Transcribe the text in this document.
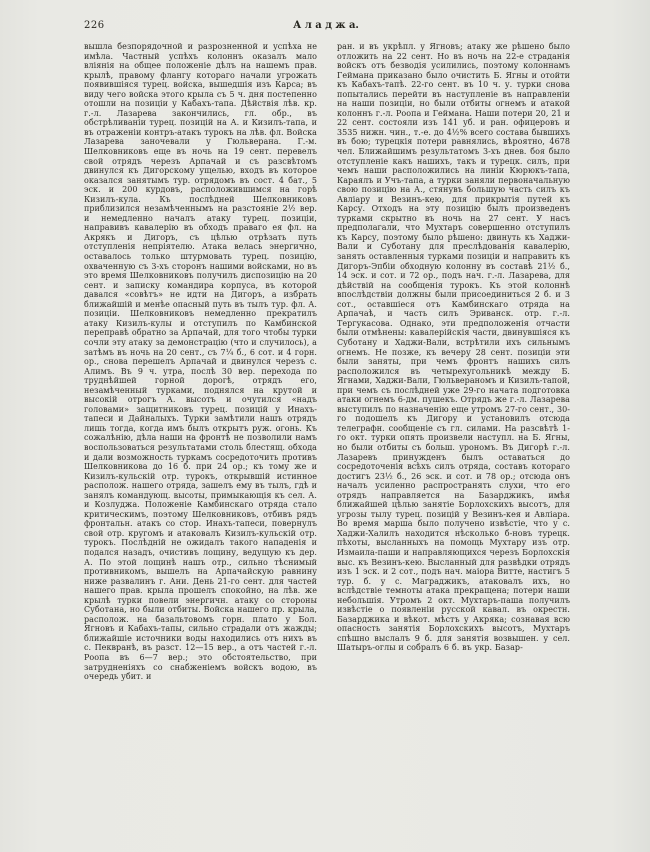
226	А л а д ж а.
вышла безпорядочной и разрозненной и успѣха не имѣла. Частный успѣхъ колоннъ оказалъ мало вліянія на общее положеніе дѣлъ на нашемъ прав. крылѣ, правому флангу котораго начали угрожать появившіяся турец. войска, вышедшія изъ Карса; въ виду чего войска этого крыла съ 5 ч. дня постепенно отошли на позиціи у Кабахъ-тапа. Дѣйствія лѣв. кр. г.-л. Лазарева закончились, гл. обр., въ обстрѣливаніи турец. позицій на А. и Кизилъ-тапа, и въ отраженіи контръ-атакъ турокъ на лѣв. фл. Войска Лазарева заночевали у Гюльверана. Г.-м. Шелковниковъ еще въ ночь на 19 сент. перевелъ свой отрядъ черезъ Арпачай и съ разсвѣтомъ двинулся къ Дигорскому ущелью, входъ въ которое оказался занятымъ тур. отрядомъ въ сост. 4 бат., 5 эск. и 200 курдовъ, расположившимся на горѣ Кизилъ-кула. Къ послѣдней Шелковниковъ приблизился незамѣченнымъ на разстояніе 2½ вер. и немедленно началъ атаку турец. позиціи, направивъ кавалерію въ обходъ праваго ея фл. на Акрякъ и Дигоръ, съ цѣлью отрѣзать путь отступленія непріятелю. Атака велась энергично, оставалось только штурмовать турец. позицію, охваченную съ 3-хъ сторонъ нашими войсками, но въ это время Шелковниковъ получилъ диспозицію на 20 сент. и записку командира корпуса, въ которой давался «совѣтъ» не идти на Дигоръ, а избрать ближайшій и менѣе опасный путь въ тылъ тур. фл. А. позиціи. Шелковниковъ немедленно прекратилъ атаку Кизилъ-кулы и отступилъ по Камбинской переправѣ обратно за Арпачай, для того чтобы турки сочли эту атаку за демонстрацію (что и случилось), а затѣмъ въ ночь на 20 сент., съ 7¼ б., 6 сот. и 4 горн. ор., снова перешелъ Арпачай и двинулся черезъ с. Алимъ. Въ 9 ч. утра, послѣ 30 вер. перехода по труднѣйшей горной дорогѣ, отрядъ его, незамѣченный турками, поднялся на крутой и высокій отрогъ А. высотъ и очутился «надъ головами» защитниковъ турец. позицій у Инахъ-тапеси и Дайналыхъ. Турки замѣтили нашъ отрядъ лишь тогда, когда имъ былъ открытъ руж. огонь. Къ сожалѣнію, дѣла наши на фронтѣ не позволили намъ воспользоваться результатами столь блестящ. обхода и дали возможность туркамъ сосредоточить противъ Шелковникова до 16 б. при 24 ор.; къ тому же и Кизилъ-кульскій отр. турокъ, открывшій истинное располож. нашего отряда, зашелъ ему въ тылъ, гдѣ и занялъ командующ. высоты, примыкающія къ сел. А. и Козлуджа. Положеніе Камбинскаго отряда стало критическимъ, поэтому Шелковниковъ, отбивъ рядъ фронтальн. атакъ со стор. Инахъ-тапеси, повернулъ свой отр. кругомъ и атаковалъ Кизилъ-кульскій отр. турокъ. Послѣдній не ожидалъ такого нападенія и подался назадъ, очистивъ лощину, ведущую къ дер. А. По этой лощинѣ нашъ отр., сильно тѣснимый противникомъ, вышелъ на Арпачайскую равнину ниже развалинъ г. Ани. День 21-го сент. для частей нашего прав. крыла прошелъ спокойно, на лѣв. же крылѣ турки повели энергичн. атаку со стороны Суботана, но были отбиты. Войска нашего пр. крыла, располож. на базальтовомъ горн. плато у Бол. Ягновъ и Кабахъ-тапы, сильно страдали отъ жажды; ближайшіе источники воды находились отъ нихъ въ с. Пеквранѣ, въ разст. 12—15 вер., а отъ частей г.-л. Роопа въ 6—7 вер.; это обстоятельство, при затрудненіяхъ со снабженіемъ войскъ водою, въ очередь убит. и
ран. и въ укрѣпл. у Ягновъ; атаку же рѣшено было отложить на 22 сент. Но въ ночь на 22-е страданія войскъ отъ безводія усилились, поэтому колоннамъ Геймана приказано было очистить Б. Ягны и отойти къ Кабахъ-тапѣ. 22-го сент. въ 10 ч. у. турки снова попытались перейти въ наступленіе въ направленіи на наши позиціи, но были отбиты огнемъ и атакой колоннъ г.-л. Роопа и Геймана. Наши потери 20, 21 и 22 сент. состояли изъ 141 уб. и ран. офицеровъ и 3535 нижн. чин., т.-е. до 4½% всего состава бывшихъ въ бою; турецкія потери равнялись, вѣроятно, 4678 чел. Ближайшимъ результатомъ 3-хъ днев. боя было отступленіе какъ нашихъ, такъ и турецк. силъ, при чемъ наши расположились на линіи Кюрюкъ-тапа, Караялъ и Учъ-тапа, а турки заняли первоначальную свою позицію на А., стянувъ большую часть силъ къ Авліару и Везинъ-кею, для прикрытія путей къ Карсу. Отходъ на эту позицію былъ произведенъ турками скрытно въ ночь на 27 сент. У насъ предполагали, что Мухтаръ совершенно отступилъ къ Карсу, поэтому было рѣшено: двинуть къ Хаджи-Вали и Суботану для преслѣдованія кавалерію, занять оставленныя турками позиціи и направить къ Дигоръ-Эпбіи обходную колонну въ составѣ 21½ б., 14 эск. и сот. и 72 ор., подъ нач. г.-л. Лазарева, для дѣйствій на сообщенія турокъ. Къ этой колоннѣ впослѣдствіи должны были присоединиться 2 б. и 3 сот., оставшіеся отъ Камбинскаго отряда на Арпачаѣ, и часть силъ Эриванск. отр. г.-л. Тергукасова. Однако, эти предположенія отчасти были отмѣнены: кавалерійскія части, двинувшіяся къ Суботану и Хаджи-Вали, встрѣтили ихъ сильнымъ огнемъ. Не позже, къ вечеру 28 сент. позиціи эти были заняты, при чемъ фронтъ нашихъ силъ расположился въ четырехугольникѣ между Б. Ягнами, Хаджи-Вали, Гюльвераномъ и Кизилъ-тапой, при чемъ съ послѣдней уже 29-го начата подготовка атаки огнемъ 6-дм. пушекъ. Отрядъ же г.-л. Лазарева выступилъ по назначенію еще утромъ 27-го сент., 30-го подошелъ къ Дигору и установилъ отсюда телеграфн. сообщеніе съ гл. силами. На разсвѣтѣ 1-го окт. турки опять произвели наступл. на Б. Ягны, но были отбиты съ больш. урономъ. Въ Дигорѣ г.-л. Лазаревъ принужденъ былъ оставаться до сосредоточенія всѣхъ силъ отряда, составъ котораго достигъ 23½ б., 26 эск. и сот. и 78 ор.; отсюда онъ началъ усиленно распространять слухи, что его отрядъ направляется на Базарджикъ, имѣя ближайшей цѣлью занятіе Борлохскихъ высотъ, для угрозы тылу турец. позицій у Везинъ-кея и Авліара. Во время марша было получено извѣстіе, что у с. Хаджи-Халилъ находится нѣсколько б-новъ турецк. пѣхоты, высланныхъ на помощь Мухтару изъ отр. Измаила-паши и направляющихся черезъ Борлохскія выс. къ Везинъ-кею. Высланный для развѣдки отрядъ изъ 1 эск. и 2 сот., подъ нач. маіора Витте, настигъ 5 тур. б. у с. Маграджикъ, атаковалъ ихъ, но вслѣдствіе темноты атака прекращена; потери наши небольшія. Утромъ 2 окт. Мухтаръ-паша получилъ извѣстіе о появленіи русской кавал. въ окрестн. Базарджика и вѣкот. мѣстъ у Акряка; сознавая всю опасность занятія Борлохскихъ высотъ, Мухтаръ спѣшно выслалъ 9 б. для занятія возвышен. у сел. Шатыръ-оглы и собралъ 6 б. въ укр. Базар-
